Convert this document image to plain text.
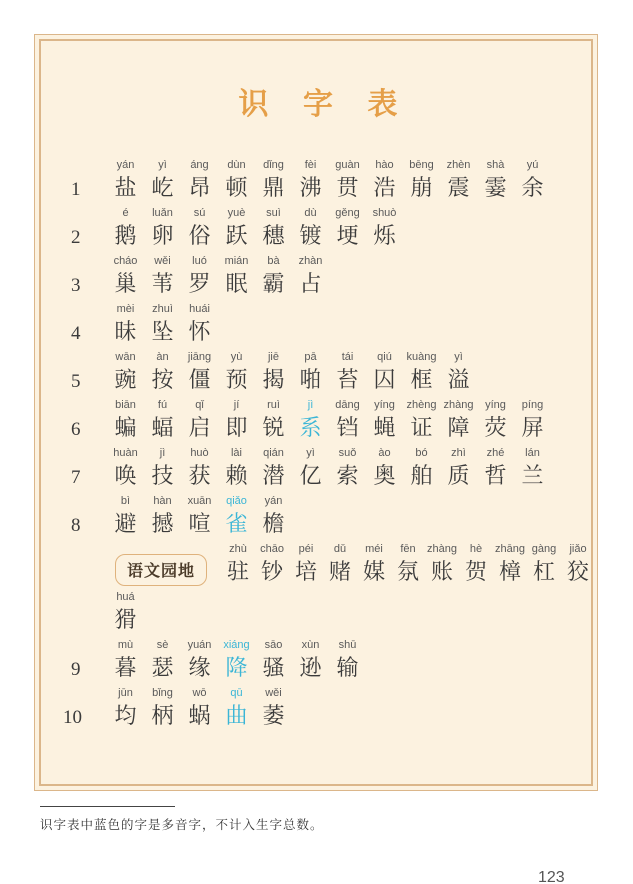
识 字 表
1
yán
盐
yì
屹
áng
昂
dùn
顿
dǐng
鼎
fèi
沸
guàn
贯
hào
浩
bēng
崩
zhèn
震
shà
霎
yú
余
2
é
鹅
luǎn
卵
sú
俗
yuè
跃
suì
穗
dù
镀
gěng
埂
shuò
烁
3
cháo
巢
wěi
苇
luó
罗
mián
眠
bà
霸
zhàn
占
4
mèi
昧
zhuì
坠
huái
怀
5
wān
豌
àn
按
jiāng
僵
yù
预
jiē
揭
pā
啪
tái
苔
qiú
囚
kuàng
框
yì
溢
6
biān
蝙
fú
蝠
qǐ
启
jí
即
ruì
锐
jì
系
dāng
铛
yíng
蝇
zhèng
证
zhàng
障
yíng
荧
píng
屏
7
huàn
唤
jì
技
huò
获
lài
赖
qián
潜
yì
亿
suǒ
索
ào
奥
bó
舶
zhì
质
zhé
哲
lán
兰
8
bì
避
hàn
撼
xuān
喧
qiǎo
雀
yán
檐
语文园地
zhù
驻
chāo
钞
péi
培
dǔ
赌
méi
媒
fēn
氛
zhàng
账
hè
贺
zhāng
樟
gàng
杠
jiǎo
狡
huá
猾
9
mù
暮
sè
瑟
yuán
缘
xiáng
降
sāo
骚
xùn
逊
shū
输
10
jūn
均
bǐng
柄
wō
蜗
qū
曲
wěi
萎
识字表中蓝色的字是多音字，不计入生字总数。
123
